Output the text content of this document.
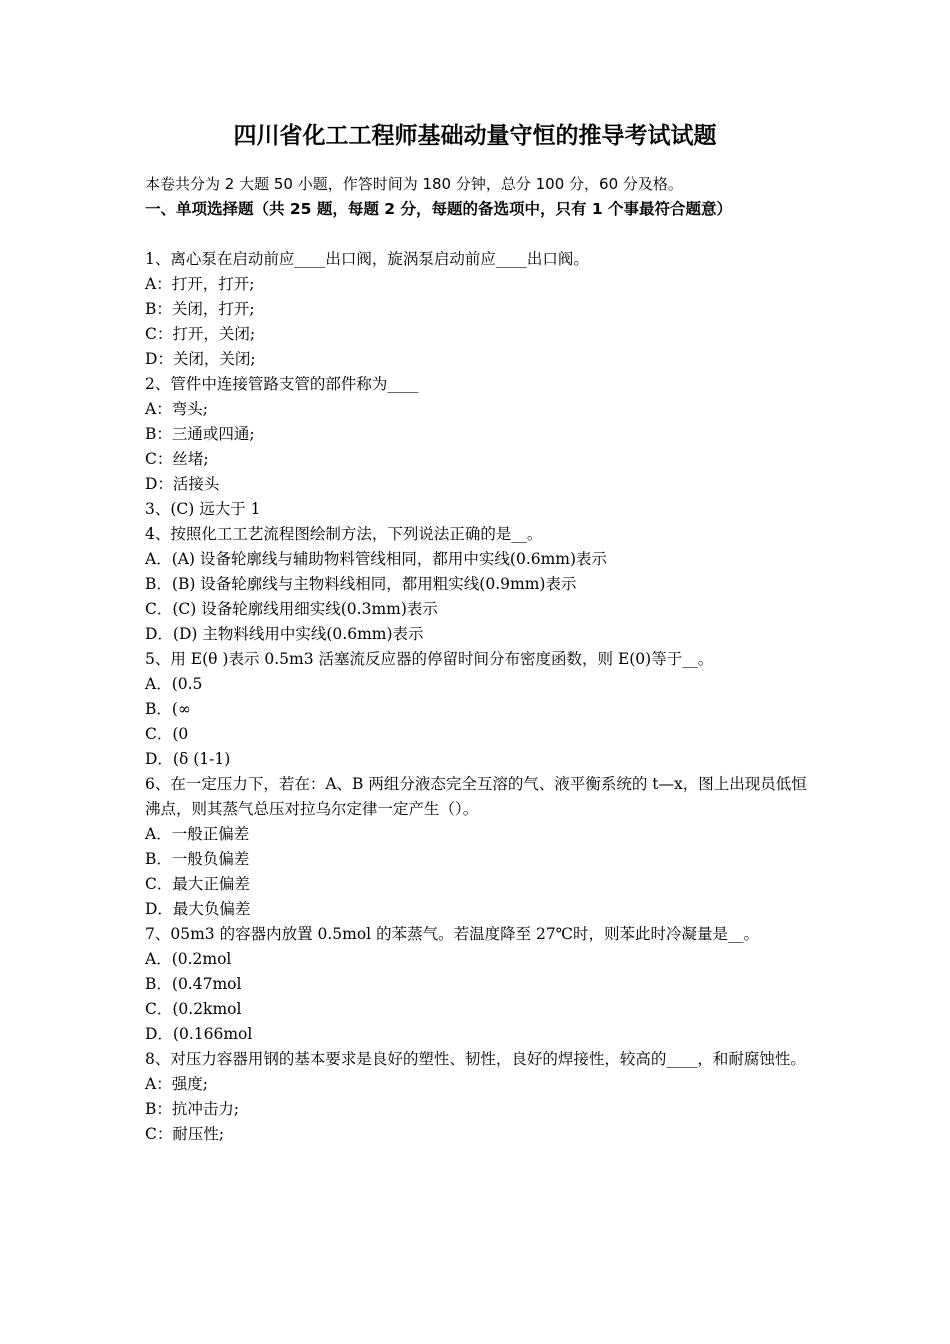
四川省化工工程师基础动量守恒的推导考试试题
本卷共分为 2 大题 50 小题，作答时间为 180 分钟，总分 100 分，60 分及格。
一、单项选择题（共 25 题，每题 2 分，每题的备选项中，只有 1 个事最符合题意）
1、离心泵在启动前应____出口阀，旋涡泵启动前应____出口阀。
A：打开，打开;
B：关闭，打开;
C：打开，关闭;
D：关闭，关闭;
2、管件中连接管路支管的部件称为____
A：弯头;
B：三通或四通;
C：丝堵;
D：活接头
3、(C) 远大于 1
4、按照化工工艺流程图绘制方法，下列说法正确的是__。
A．(A) 设备轮廓线与辅助物料管线相同，都用中实线(0.6mm)表示
B．(B) 设备轮廓线与主物料线相同，都用粗实线(0.9mm)表示
C．(C) 设备轮廓线用细实线(0.3mm)表示
D．(D) 主物料线用中实线(0.6mm)表示
5、用 E(θ )表示 0.5m3 活塞流反应器的停留时间分布密度函数，则 E(0)等于__。
A．(0.5
B．(∞
C．(0
D．(δ (1-1)
6、在一定压力下，若在：A、B 两组分液态完全互溶的气、液平衡系统的 t—x，图上出现员低恒沸点，则其蒸气总压对拉乌尔定律一定产生（）。
A．一般正偏差
B．一般负偏差
C．最大正偏差
D．最大负偏差
7、05m3 的容器内放置 0.5mol 的苯蒸气。若温度降至 27℃时，则苯此时冷凝量是__。
A．(0.2mol
B．(0.47mol
C．(0.2kmol
D．(0.166mol
8、对压力容器用钢的基本要求是良好的塑性、韧性，良好的焊接性，较高的____，和耐腐蚀性。
A：强度;
B：抗冲击力;
C：耐压性;
